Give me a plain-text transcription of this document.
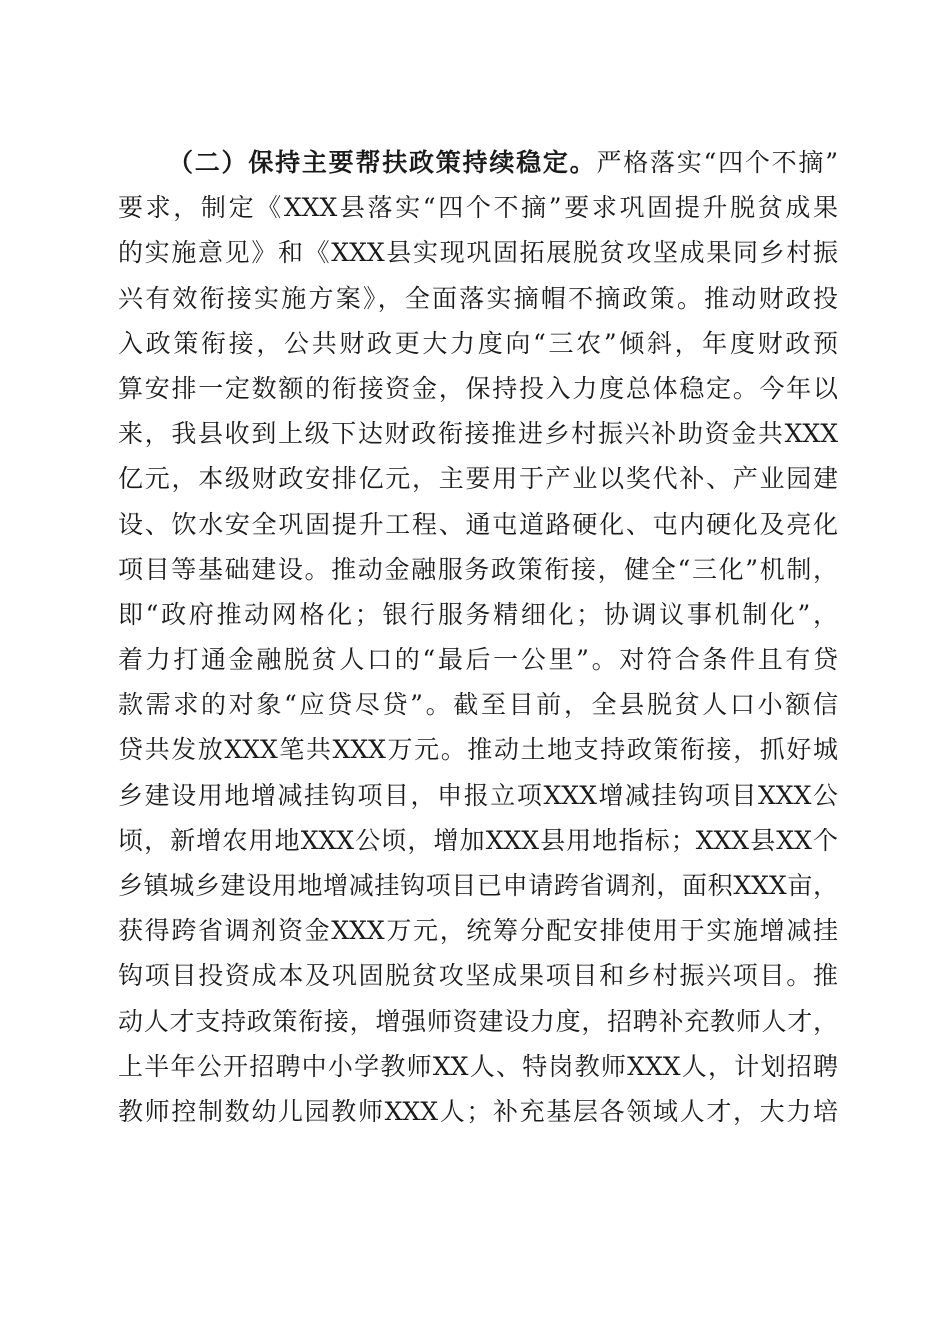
（二）保持主要帮扶政策持续稳定。严格落实“四个不摘”
要求，制定《XXX县落实“四个不摘”要求巩固提升脱贫成果
的实施意见》和《XXX县实现巩固拓展脱贫攻坚成果同乡村振
兴有效衔接实施方案》，全面落实摘帽不摘政策。推动财政投
入政策衔接，公共财政更大力度向“三农”倾斜，年度财政预
算安排一定数额的衔接资金，保持投入力度总体稳定。今年以
来，我县收到上级下达财政衔接推进乡村振兴补助资金共XXX
亿元，本级财政安排亿元，主要用于产业以奖代补、产业园建
设、饮水安全巩固提升工程、通屯道路硬化、屯内硬化及亮化
项目等基础建设。推动金融服务政策衔接，健全“三化”机制，
即“政府推动网格化；银行服务精细化；协调议事机制化”，
着力打通金融脱贫人口的“最后一公里”。对符合条件且有贷
款需求的对象“应贷尽贷”。截至目前，全县脱贫人口小额信
贷共发放XXX笔共XXX万元。推动土地支持政策衔接，抓好城
乡建设用地增减挂钩项目，申报立项XXX增减挂钩项目XXX公
顷，新增农用地XXX公顷，增加XXX县用地指标；XXX县XX个
乡镇城乡建设用地增减挂钩项目已申请跨省调剂，面积XXX亩，
获得跨省调剂资金XXX万元，统筹分配安排使用于实施增减挂
钩项目投资成本及巩固脱贫攻坚成果项目和乡村振兴项目。推
动人才支持政策衔接，增强师资建设力度，招聘补充教师人才，
上半年公开招聘中小学教师XX人、特岗教师XXX人，计划招聘
教师控制数幼儿园教师XXX人；补充基层各领域人才，大力培
